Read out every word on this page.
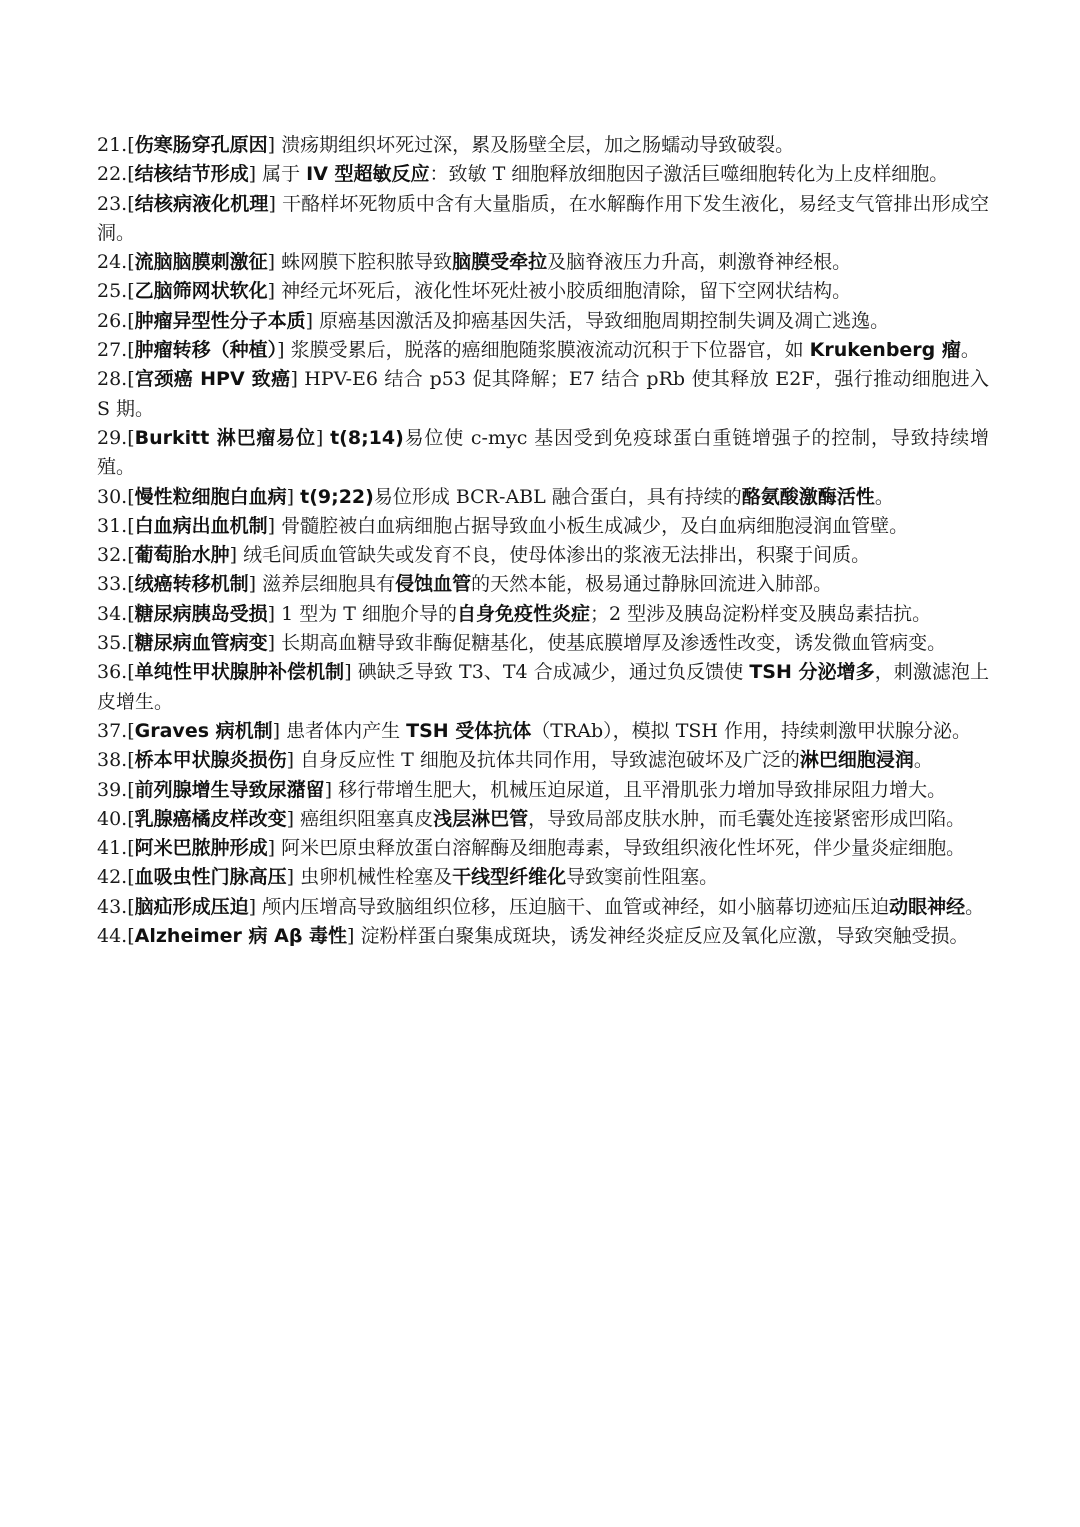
21.[伤寒肠穿孔原因] 溃疡期组织坏死过深，累及肠壁全层，加之肠蠕动导致破裂。

22.[结核结节形成] 属于 IV 型超敏反应：致敏 T 细胞释放细胞因子激活巨噬细胞转化为上皮样细胞。

23.[结核病液化机理] 干酪样坏死物质中含有大量脂质，在水解酶作用下发生液化，易经支气管排出形成空洞。

24.[流脑脑膜刺激征] 蛛网膜下腔积脓导致脑膜受牵拉及脑脊液压力升高，刺激脊神经根。

25.[乙脑筛网状软化] 神经元坏死后，液化性坏死灶被小胶质细胞清除，留下空网状结构。

26.[肿瘤异型性分子本质] 原癌基因激活及抑癌基因失活，导致细胞周期控制失调及凋亡逃逸。

27.[肿瘤转移（种植）] 浆膜受累后，脱落的癌细胞随浆膜液流动沉积于下位器官，如 Krukenberg 瘤。

28.[宫颈癌 HPV 致癌] HPV-E6 结合 p53 促其降解；E7 结合 pRb 使其释放 E2F，强行推动细胞进入 S 期。

29.[Burkitt 淋巴瘤易位] t(8;14)易位使 c-myc 基因受到免疫球蛋白重链增强子的控制，导致持续增殖。

30.[慢性粒细胞白血病] t(9;22)易位形成 BCR-ABL 融合蛋白，具有持续的酪氨酸激酶活性。

31.[白血病出血机制] 骨髓腔被白血病细胞占据导致血小板生成减少，及白血病细胞浸润血管壁。

32.[葡萄胎水肿] 绒毛间质血管缺失或发育不良，使母体渗出的浆液无法排出，积聚于间质。

33.[绒癌转移机制] 滋养层细胞具有侵蚀血管的天然本能，极易通过静脉回流进入肺部。

34.[糖尿病胰岛受损] 1 型为 T 细胞介导的自身免疫性炎症；2 型涉及胰岛淀粉样变及胰岛素拮抗。

35.[糖尿病血管病变] 长期高血糖导致非酶促糖基化，使基底膜增厚及渗透性改变，诱发微血管病变。

36.[单纯性甲状腺肿补偿机制] 碘缺乏导致 T3、T4 合成减少，通过负反馈使 TSH 分泌增多，刺激滤泡上皮增生。

37.[Graves 病机制] 患者体内产生 TSH 受体抗体（TRAb），模拟 TSH 作用，持续刺激甲状腺分泌。

38.[桥本甲状腺炎损伤] 自身反应性 T 细胞及抗体共同作用，导致滤泡破坏及广泛的淋巴细胞浸润。

39.[前列腺增生导致尿潴留] 移行带增生肥大，机械压迫尿道，且平滑肌张力增加导致排尿阻力增大。

40.[乳腺癌橘皮样改变] 癌组织阻塞真皮浅层淋巴管，导致局部皮肤水肿，而毛囊处连接紧密形成凹陷。

41.[阿米巴脓肿形成] 阿米巴原虫释放蛋白溶解酶及细胞毒素，导致组织液化性坏死，伴少量炎症细胞。

42.[血吸虫性门脉高压] 虫卵机械性栓塞及干线型纤维化导致窦前性阻塞。

43.[脑疝形成压迫] 颅内压增高导致脑组织位移，压迫脑干、血管或神经，如小脑幕切迹疝压迫动眼神经。

44.[Alzheimer 病 Aβ 毒性] 淀粉样蛋白聚集成斑块，诱发神经炎症反应及氧化应激，导致突触受损。
